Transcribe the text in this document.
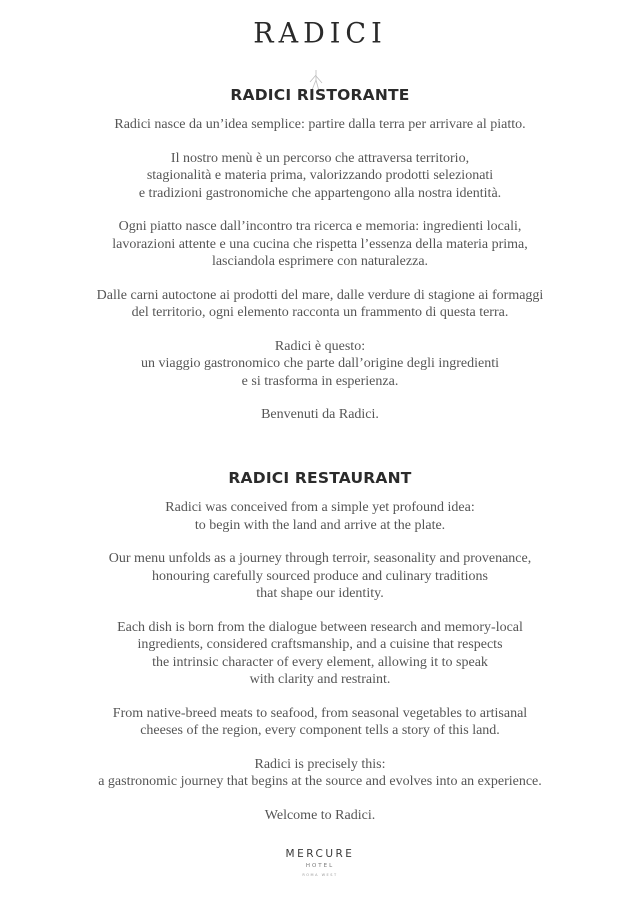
RADICI
RADICI RISTORANTE

Radici nasce da un’idea semplice: partire dalla terra per arrivare al piatto.

Il nostro menù è un percorso che attraversa territorio,
stagionalità e materia prima, valorizzando prodotti selezionati
e tradizioni gastronomiche che appartengono alla nostra identità.

Ogni piatto nasce dall’incontro tra ricerca e memoria: ingredienti locali,
lavorazioni attente e una cucina che rispetta l’essenza della materia prima,
lasciandola esprimere con naturalezza.

Dalle carni autoctone ai prodotti del mare, dalle verdure di stagione ai formaggi
del territorio, ogni elemento racconta un frammento di questa terra.

Radici è questo:
un viaggio gastronomico che parte dall’origine degli ingredienti
e si trasforma in esperienza.

Benvenuti da Radici.

RADICI RESTAURANT

Radici was conceived from a simple yet profound idea:
to begin with the land and arrive at the plate.

Our menu unfolds as a journey through terroir, seasonality and provenance,
honouring carefully sourced produce and culinary traditions
that shape our identity.

Each dish is born from the dialogue between research and memory-local
ingredients, considered craftsmanship, and a cuisine that respects
the intrinsic character of every element, allowing it to speak
with clarity and restraint.

From native-breed meats to seafood, from seasonal vegetables to artisanal
cheeses of the region, every component tells a story of this land.

Radici is precisely this:
a gastronomic journey that begins at the source and evolves into an experience.

Welcome to Radici.

MERCURE
HOTEL
ROMA WEST
